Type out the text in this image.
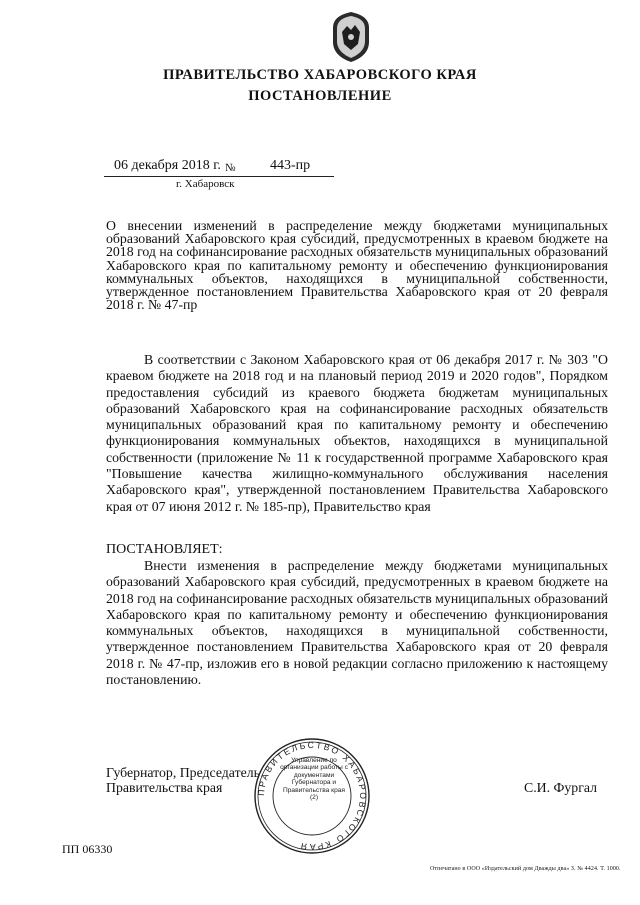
ПРАВИТЕЛЬСТВО ХАБАРОВСКОГО КРАЯ
ПОСТАНОВЛЕНИЕ
06 декабря 2018 г. № 443-пр
г. Хабаровск
О внесении изменений в распределение между бюджетами муниципальных образований Хабаровского края субсидий, предусмотренных в краевом бюджете на 2018 год на софинансирование расходных обязательств муниципальных образований Хабаровского края по капитальному ремонту и обеспечению функционирования коммунальных объектов, находящихся в муниципальной собственности, утвержденное постановлением Правительства Хабаровского края от 20 февраля 2018 г. № 47-пр
В соответствии с Законом Хабаровского края от 06 декабря 2017 г. № 303 "О краевом бюджете на 2018 год и на плановый период 2019 и 2020 годов", Порядком предоставления субсидий из краевого бюджета бюджетам муниципальных образований Хабаровского края на софинансирование расходных обязательств муниципальных образований края по капитальному ремонту и обеспечению функционирования коммунальных объектов, находящихся в муниципальной собственности (приложение № 11 к государственной программе Хабаровского края "Повышение качества жилищно-коммунального обслуживания населения Хабаровского края", утвержденной постановлением Правительства Хабаровского края от 07 июня 2012 г. № 185-пр), Правительство края
ПОСТАНОВЛЯЕТ:
Внести изменения в распределение между бюджетами муниципальных образований Хабаровского края субсидий, предусмотренных в краевом бюджете на 2018 год на софинансирование расходных обязательств муниципальных образований Хабаровского края по капитальному ремонту и обеспечению функционирования коммунальных объектов, находящихся в муниципальной собственности, утвержденное постановлением Правительства Хабаровского края от 20 февраля 2018 г. № 47-пр, изложив его в новой редакции согласно приложению к настоящему постановлению.
Губернатор, Председатель
Правительства края	С.И. Фургал
ПРАВИТЕЛЬСТВО ХАБАРОВСКОГО КРАЯ
Управление по организации работы с документами Губернатора и Правительства края
(2)
ПП 06330
Отпечатано в ООО «Издательский дом Дважды два» З. № 4424. Т. 1000.
